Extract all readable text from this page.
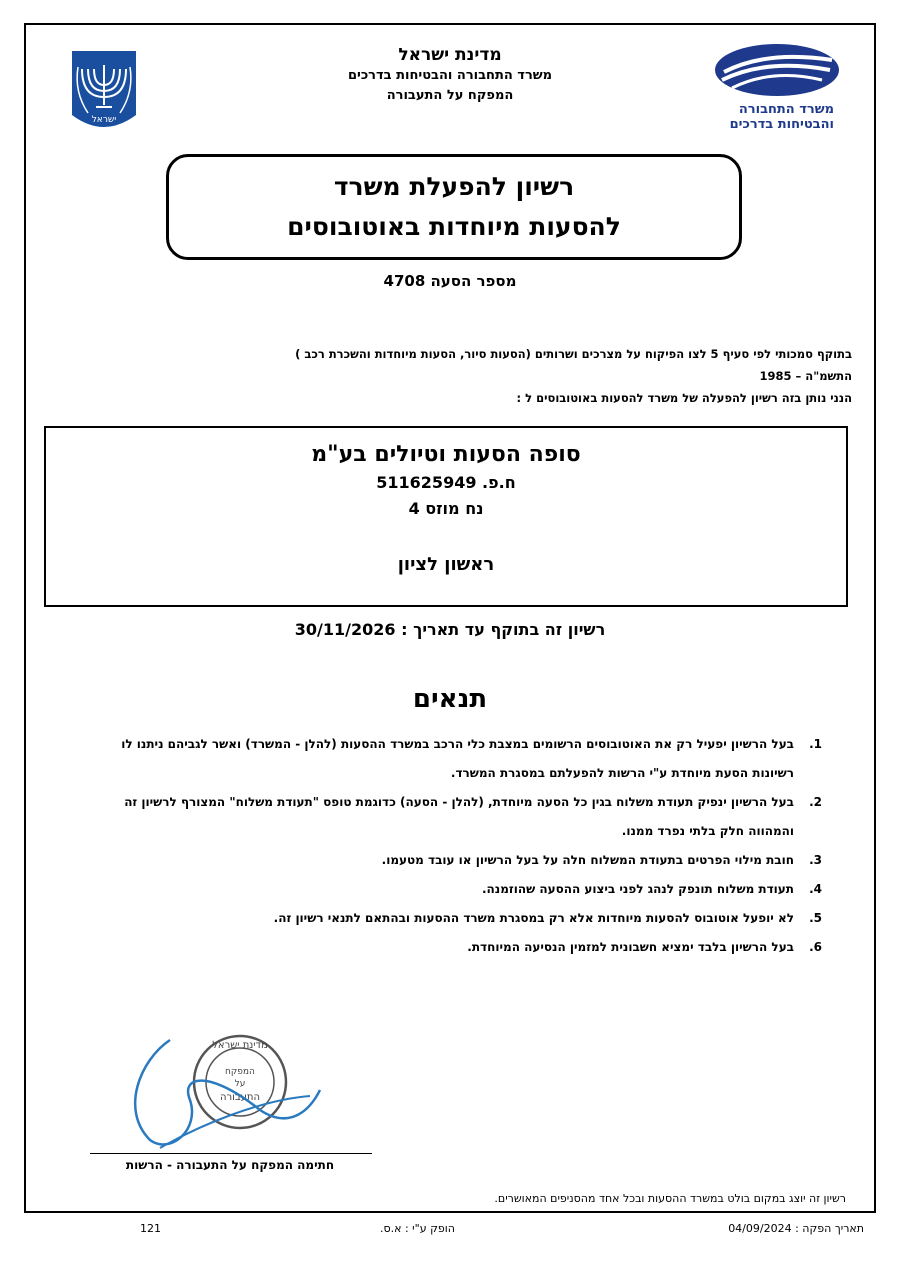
ישראל
משרד התחבורה
והבטיחות בדרכים
מדינת ישראל
משרד התחבורה והבטיחות בדרכים
המפקח על התעבורה
רשיון להפעלת משרד
להסעות מיוחדות באוטובוסים
מספר הסעה 4708
בתוקף סמכותי לפי סעיף 5 לצו הפיקוח על מצרכים ושרותים (הסעות סיור, הסעות מיוחדות והשכרת רכב )
התשמ"ה – 1985
הנני נותן בזה רשיון להפעלה של משרד להסעות באוטובוסים ל :
סופה הסעות וטיולים בע"מ
ח.פ. 511625949
נח מוזס 4
ראשון לציון
רשיון זה בתוקף עד תאריך : 30/11/2026
תנאים
1.
בעל הרשיון יפעיל רק את האוטובוסים הרשומים במצבת כלי הרכב במשרד ההסעות (להלן - המשרד) ואשר לגביהם ניתנו לו רשיונות הסעת מיוחדת ע"י הרשות להפעלתם במסגרת המשרד.
2.
בעל הרשיון ינפיק תעודת משלוח בגין כל הסעה מיוחדת, (להלן - הסעה) כדוגמת טופס "תעודת משלוח" המצורף לרשיון זה והמהווה חלק בלתי נפרד ממנו.
3.
חובת מילוי הפרטים בתעודת המשלוח חלה על בעל הרשיון או עובד מטעמו.
4.
תעודת משלוח תונפק לנהג לפני ביצוע ההסעה שהוזמנה.
5.
לא יופעל אוטובוס להסעות מיוחדות אלא רק במסגרת משרד ההסעות ובהתאם לתנאי רשיון זה.
6.
בעל הרשיון בלבד ימציא חשבונית למזמין הנסיעה המיוחדת.
מדינת ישראל
המפקח
על
התעבורה
חתימה המפקח על התעבורה - הרשות
רשיון זה יוצג במקום בולט במשרד ההסעות ובכל אחד מהסניפים המאושרים.
תאריך הפקה : 04/09/2024
הופק ע"י : א.ס.
121
